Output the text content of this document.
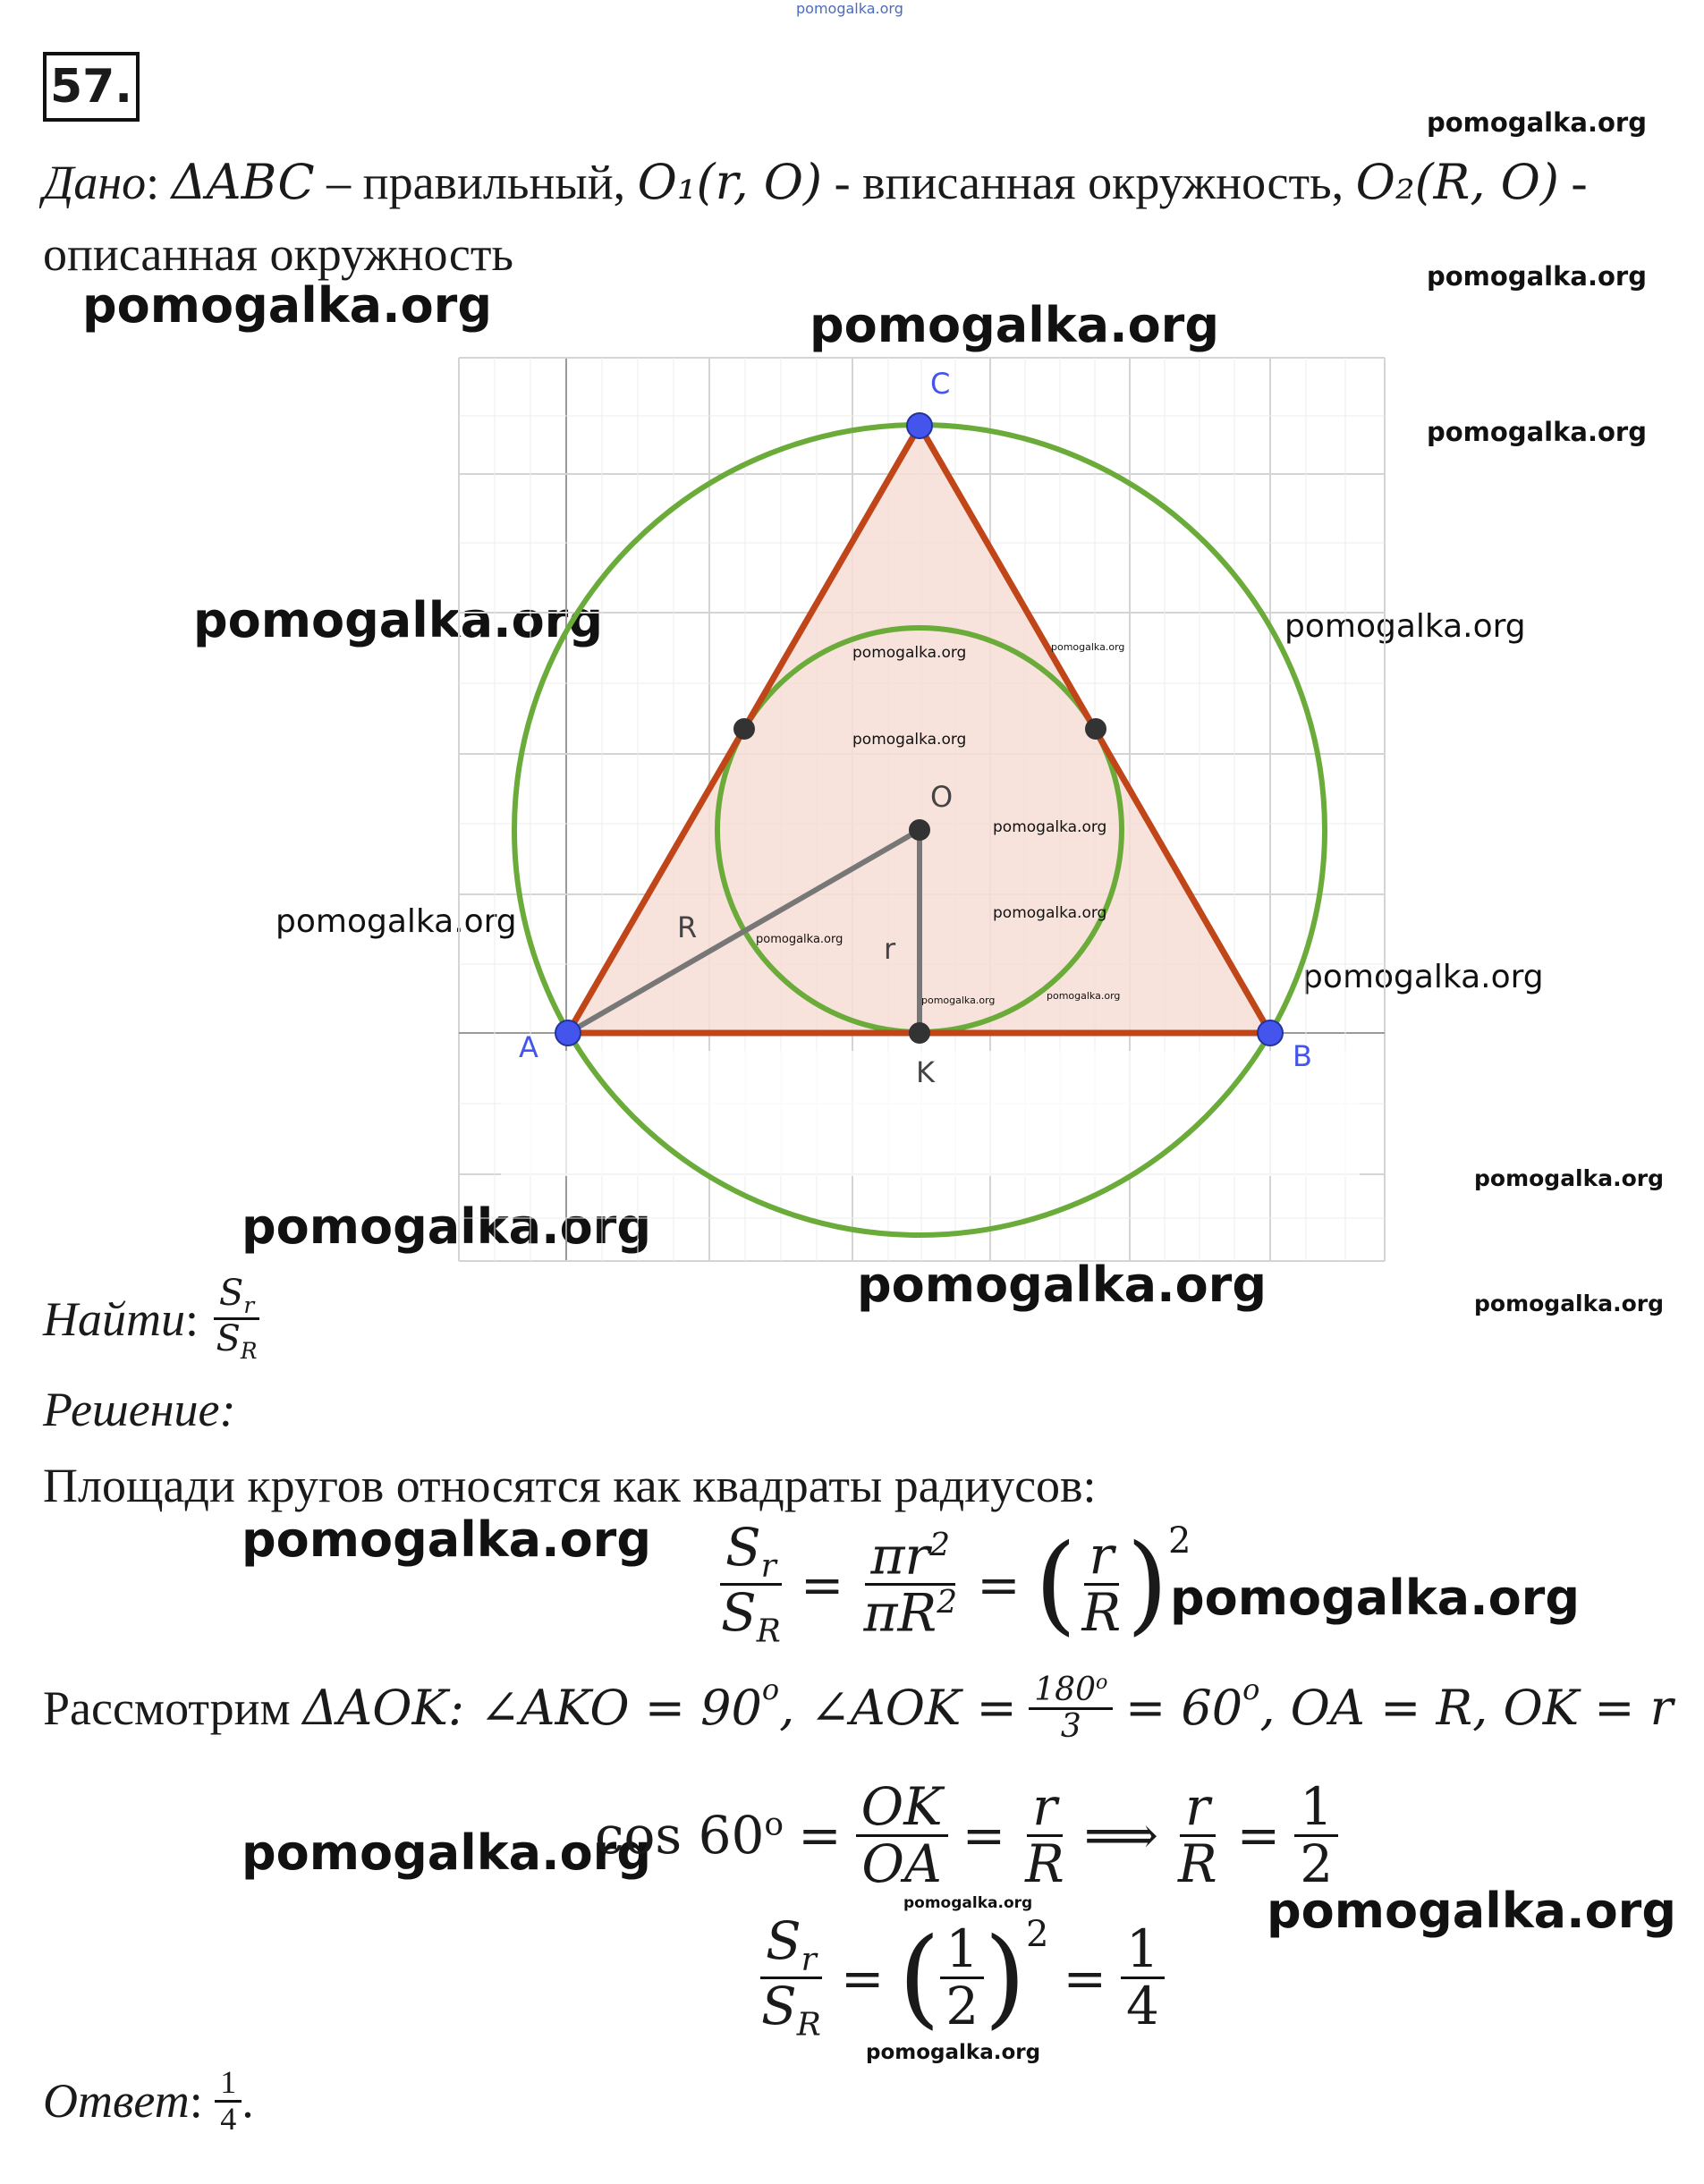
pomogalka.org
57.
pomogalka.org
pomogalka.org
pomogalka.org
pomogalka.org	pomogalka.org
pomogalka.org	pomogalka.org
pomogalka.org
pomogalka.org
pomogalka.org
pomogalka.org
pomogalka.org
pomogalka.org
pomogalka.org
pomogalka.org
pomogalka.org
pomogalka.org
pomogalka.org
pomogalka.org
Дано: ΔABC – правильный, O₁(r, O) - вписанная окружность, O₂(R, O) -
описанная окружность
A	B
C
O
K
R
r
pomogalka.org
pomogalka.org
pomogalka.org
pomogalka.org
pomogalka.org
pomogalka.org
pomogalka.org	pomogalka.org
Найти : $\frac{S_r}{S_R}$
Решение:
Площади кругов относятся как квадраты радиусов:
$\frac{S_r}{S_R} = \frac{\pi r^2}{\pi R^2}$ = ( $\frac{r}{R} )^2$
Рассмотрим
ΔAOK : ∠AKO = $90^o$ , ∠AOK =
$\frac{180^o}{3}$
= $60^o$ , OA = R, OK = r
$\cos 60^o = \frac{OK}{OA} = \frac{r}{R}$ ⟹ $\frac{r}{R} = \frac{1}{2}$
$\frac{S_r}{S_R}$ = ( $\frac{1}{2} )^2$
= $\frac{1}{4}$
Ответ : $\frac{1}{4}$ .
